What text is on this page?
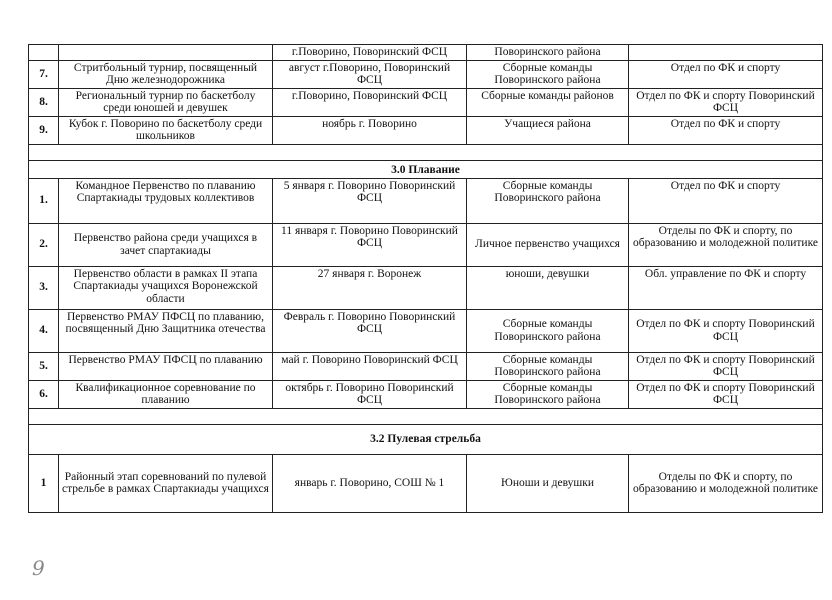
		г.Поворино, Поворинский ФСЦ	Поворинского района	
7.	Стритбольный турнир, посвященный Дню железнодорожника	август г.Поворино, Поворинский ФСЦ	Сборные команды Поворинского района	Отдел по ФК и спорту
8.	Региональный турнир по баскетболу среди юношей и девушек	г.Поворино, Поворинский ФСЦ	Сборные команды районов	Отдел по ФК и спорту Поворинский ФСЦ
9.	Кубок г. Поворино по баскетболу среди школьников	ноябрь г. Поворино	Учащиеся района	Отдел по ФК и спорту

3.0 Плавание				
1.	Командное Первенство по плаванию Спартакиады трудовых коллективов	5 января г. Поворино Поворинский ФСЦ	Сборные команды Поворинского района	Отдел по ФК и спорту
2.	Первенство района среди учащихся в зачет спартакиады	11 января г. Поворино Поворинский ФСЦ	Личное первенство учащихся	Отделы по ФК и спорту, по образованию и молодежной политике
3.	Первенство области в рамках II этапа Спартакиады учащихся Воронежской области	27 января г. Воронеж	юноши, девушки	Обл. управление по ФК и спорту
4.	Первенство РМАУ ПФСЦ по плаванию, посвященный Дню Защитника отечества	Февраль г. Поворино Поворинский ФСЦ	Сборные команды Поворинского района	Отдел по ФК и спорту Поворинский ФСЦ
5.	Первенство РМАУ ПФСЦ по плаванию	май г. Поворино Поворинский ФСЦ	Сборные команды Поворинского района	Отдел по ФК и спорту Поворинский ФСЦ
6.	Квалификационное соревнование по плаванию	октябрь г. Поворино Поворинский ФСЦ	Сборные команды Поворинского района	Отдел по ФК и спорту Поворинский ФСЦ

3.2 Пулевая стрельба				
1	Районный этап соревнований по пулевой стрельбе в рамках Спартакиады учащихся	январь г. Поворино, СОШ № 1	Юноши и девушки	Отделы по ФК и спорту, по образованию и молодежной политике
9
